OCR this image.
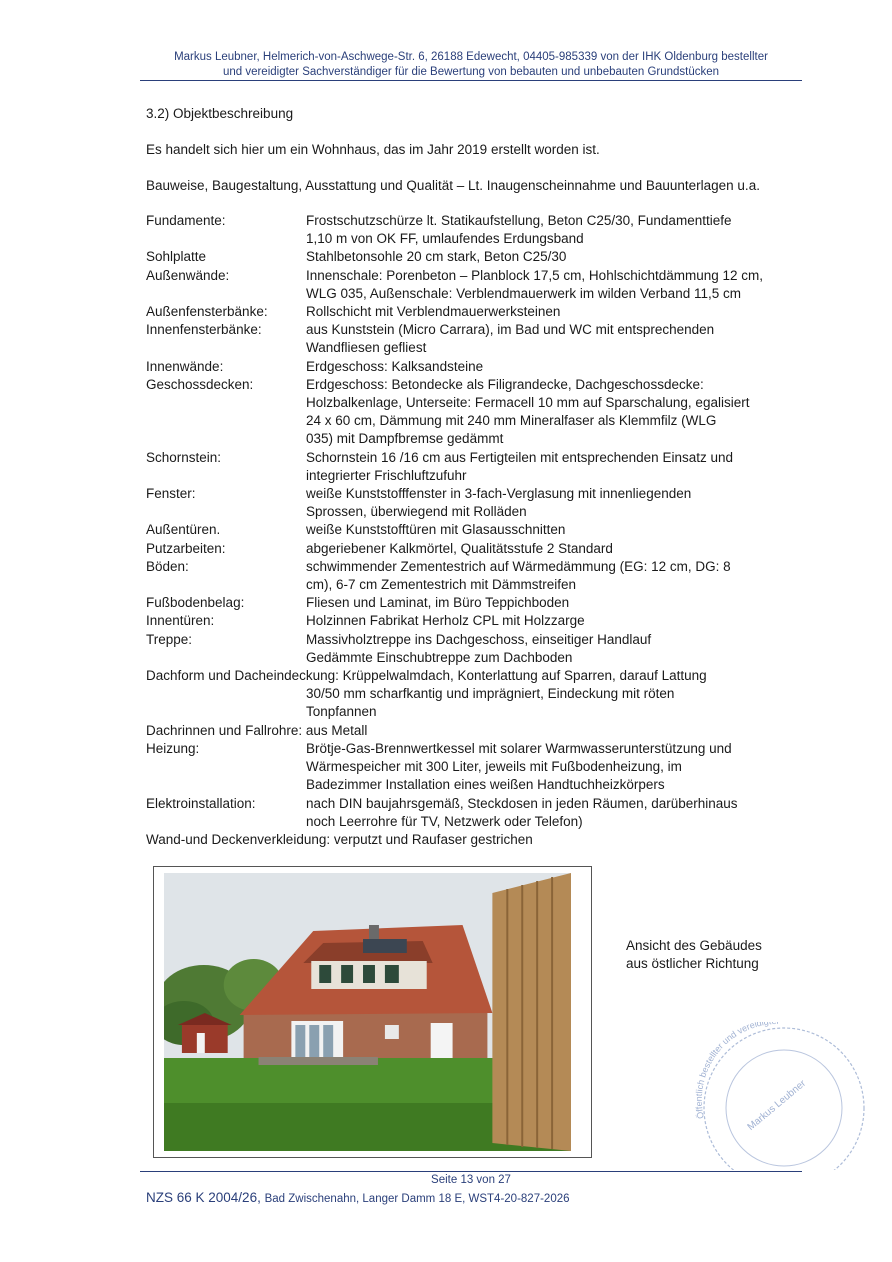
Markus Leubner, Helmerich-von-Aschwege-Str. 6, 26188 Edewecht, 04405-985339 von der IHK Oldenburg bestellter
und vereidigter Sachverständiger für die Bewertung von bebauten und unbebauten Grundstücken
3.2) Objektbeschreibung
Es handelt sich hier um ein Wohnhaus, das im Jahr 2019 erstellt worden ist.
Bauweise, Baugestaltung, Ausstattung und Qualität – Lt. Inaugenscheinnahme und Bauunterlagen u.a.
Fundamente:	Frostschutzschürze lt. Statikaufstellung, Beton C25/30, Fundamenttiefe
1,10 m von OK FF, umlaufendes Erdungsband
Sohlplatte	Stahlbetonsohle 20 cm stark, Beton C25/30
Außenwände:	Innenschale: Porenbeton – Planblock 17,5 cm, Hohlschichtdämmung 12 cm,
WLG 035, Außenschale: Verblendmauerwerk im wilden Verband 11,5 cm
Außenfensterbänke:	Rollschicht mit Verblendmauerwerksteinen
Innenfensterbänke:	aus Kunststein (Micro Carrara), im Bad und WC mit entsprechenden
Wandfliesen gefliest
Innenwände:	Erdgeschoss: Kalksandsteine
Geschossdecken:	Erdgeschoss: Betondecke als Filigrandecke, Dachgeschossdecke:
Holzbalkenlage, Unterseite: Fermacell 10 mm auf Sparschalung, egalisiert
24 x 60 cm, Dämmung mit 240 mm Mineralfaser als Klemmfilz (WLG
035) mit Dampfbremse gedämmt
Schornstein:	Schornstein 16 /16 cm aus Fertigteilen mit entsprechenden Einsatz und
integrierter Frischluftzufuhr
Fenster:	weiße Kunststofffenster in 3-fach-Verglasung mit innenliegenden
Sprossen, überwiegend mit Rolläden
Außentüren.	weiße Kunststofftüren mit Glasausschnitten
Putzarbeiten:	abgeriebener Kalkmörtel, Qualitätsstufe 2 Standard
Böden:	schwimmender Zementestrich auf Wärmedämmung (EG: 12 cm, DG: 8
cm), 6-7 cm Zementestrich mit Dämmstreifen
Fußbodenbelag:	Fliesen und Laminat, im Büro Teppichboden
Innentüren:	Holzinnen Fabrikat Herholz CPL mit Holzzarge
Treppe:	Massivholztreppe ins Dachgeschoss, einseitiger Handlauf
Gedämmte Einschubtreppe zum Dachboden
Dachform und Dacheindeckung: Krüppelwalmdach, Konterlattung auf Sparren, darauf Lattung
30/50 mm scharfkantig und imprägniert, Eindeckung mit röten
Tonpfannen
Dachrinnen und Fallrohre: aus Metall
Heizung:	Brötje-Gas-Brennwertkessel mit solarer Warmwasserunterstützung und
Wärmespeicher mit 300 Liter, jeweils mit Fußbodenheizung, im
Badezimmer Installation eines weißen Handtuchheizkörpers
Elektroinstallation:	nach DIN baujahrsgemäß, Steckdosen in jeden Räumen, darüberhinaus
noch Leerrohre für TV, Netzwerk oder Telefon)
Wand-und Deckenverkleidung: verputzt und Raufaser gestrichen
Ansicht des Gebäudes
aus östlicher Richtung
Öffentlich bestellter und vereidi
Markus Leubner
Seite 13 von 27
NZS 66 K 2004/26, Bad Zwischenahn, Langer Damm 18 E, WST4-20-827-2026
